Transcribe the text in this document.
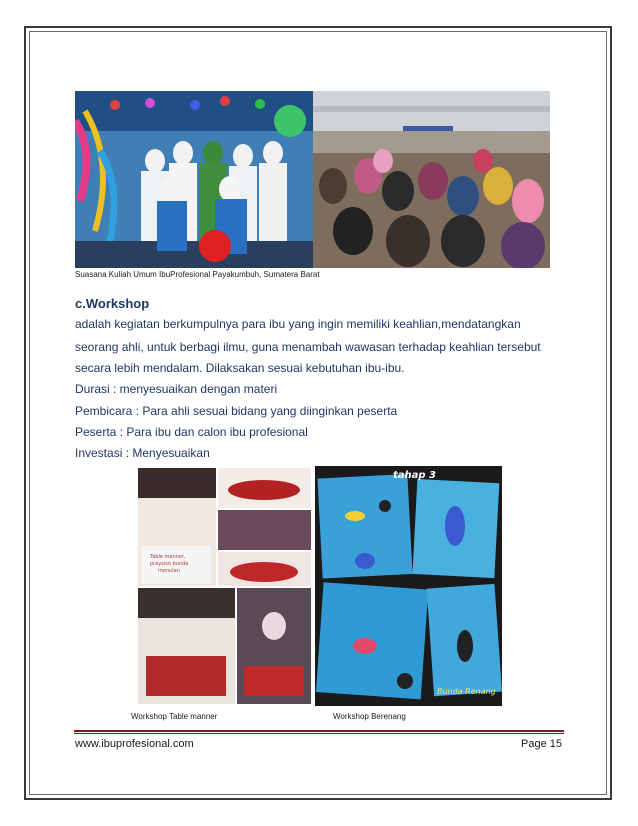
Suasana Kuliah Umum IbuProfesional Payakumbuh, Sumatera Barat
c.Workshop
adalah kegiatan berkumpulnya para ibu yang ingin memiliki keahlian,mendatangkan
seorang ahli, untuk berbagi ilmu, guna menambah wawasan terhadap keahlian tersebut
secara lebih mendalam. Dilaksakan sesuai kebutuhan ibu-ibu.
Durasi : menyesuaikan dengan materi
Pembicara : Para ahli sesuai bidang yang diinginkan peserta
Peserta : Para ibu dan calon ibu profesional
Investasi : Menyesuaikan
Table manner,
praysisn bunda
menulan
tahap 3
Bunda Renang
Workshop Table manner	Workshop Berenang
www.ibuprofesional.com	Page 15
